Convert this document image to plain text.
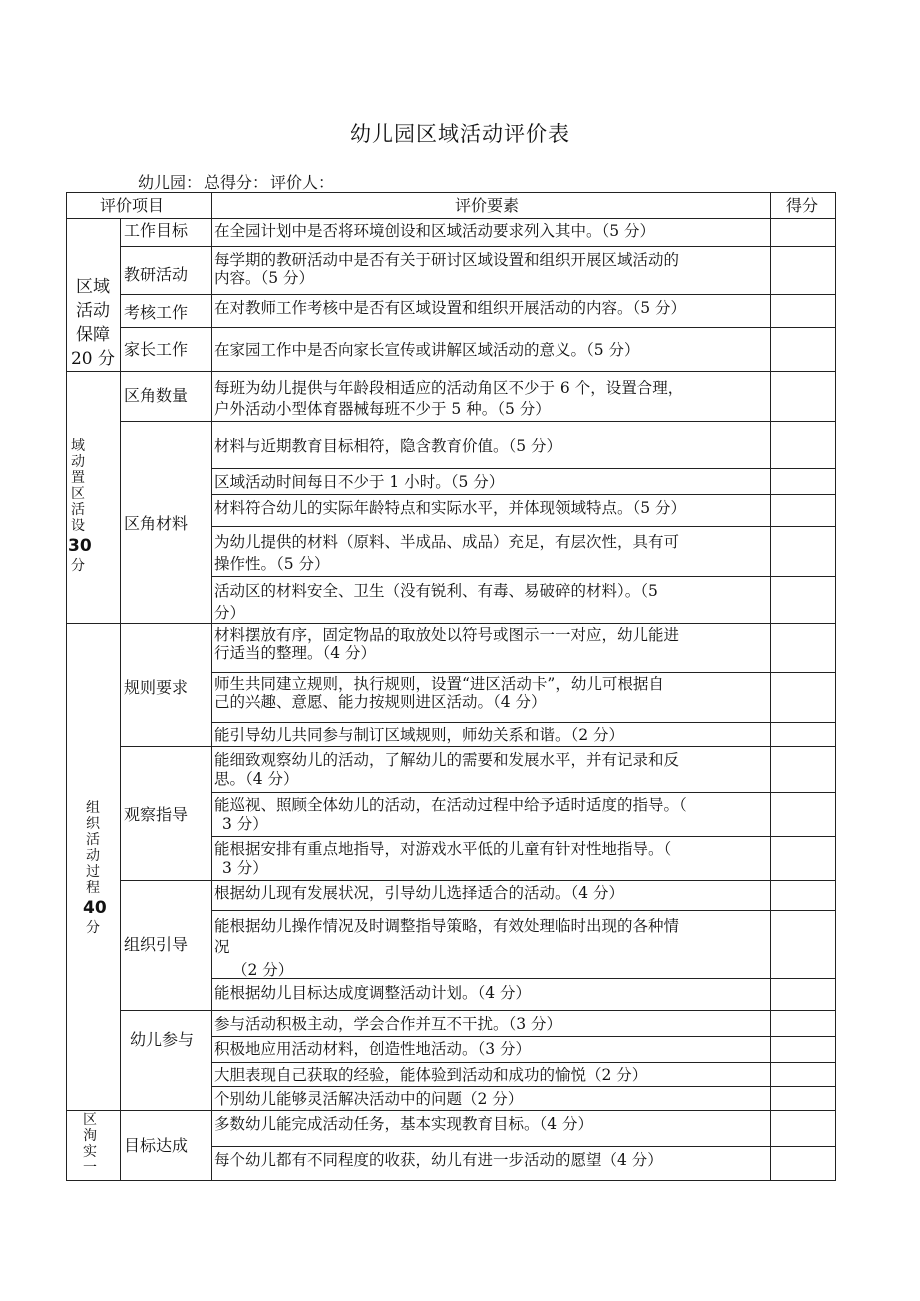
幼儿园区域活动评价表
幼儿园： 总得分： 评价人：
评价项目	评价要素	得分
区域
活动
保障
20 分
域
动
置
区
活
设
30
分
组
织
活
动
过
程
40
分
区
洵
实
一
工作目标
教研活动
考核工作
家长工作
区角数量
区角材料
规则要求
观察指导
组织引导
幼儿参与
目标达成
在全园计划中是否将环境创设和区域活动要求列入其中。（5 分）
每学期的教研活动中是否有关于研讨区域设置和组织开展区域活动的
内容。（5 分）
在对教师工作考核中是否有区域设置和组织开展活动的内容。（5 分）
在家园工作中是否向家长宣传或讲解区域活动的意义。（5 分）
每班为幼儿提供与年龄段相适应的活动角区不少于 6 个，设置合理，
户外活动小型体育器械每班不少于 5 种。（5 分）
材料与近期教育目标相符，隐含教育价值。（5 分）
区域活动时间每日不少于 1 小时。（5 分）
材料符合幼儿的实际年龄特点和实际水平，并体现领域特点。（5 分）
为幼儿提供的材料（原料、半成品、成品）充足，有层次性，具有可
操作性。（5 分）
活动区的材料安全、卫生（没有锐利、有毒、易破碎的材料）。（5
分）
材料摆放有序，固定物品的取放处以符号或图示一一对应，幼儿能进
行适当的整理。（4 分）
师生共同建立规则，执行规则，设置“进区活动卡”，幼儿可根据自
己的兴趣、意愿、能力按规则进区活动。（4 分）
能引导幼儿共同参与制订区域规则，师幼关系和谐。（2 分）
能细致观察幼儿的活动，了解幼儿的需要和发展水平，并有记录和反
思。（4 分）
能巡视、照顾全体幼儿的活动，在活动过程中给予适时适度的指导。（
3 分）
能根据安排有重点地指导，对游戏水平低的儿童有针对性地指导。（
3 分）
根据幼儿现有发展状况，引导幼儿选择适合的活动。（4 分）
能根据幼儿操作情况及时调整指导策略，有效处理临时出现的各种情
况
（2 分）
能根据幼儿目标达成度调整活动计划。（4 分）
参与活动积极主动，学会合作并互不干扰。（3 分）
积极地应用活动材料，创造性地活动。（3 分）
大胆表现自己获取的经验，能体验到活动和成功的愉悦（2 分）
个别幼儿能够灵活解决活动中的问题（2 分）
多数幼儿能完成活动任务，基本实现教育目标。（4 分）
每个幼儿都有不同程度的收获，幼儿有进一步活动的愿望（4 分）
